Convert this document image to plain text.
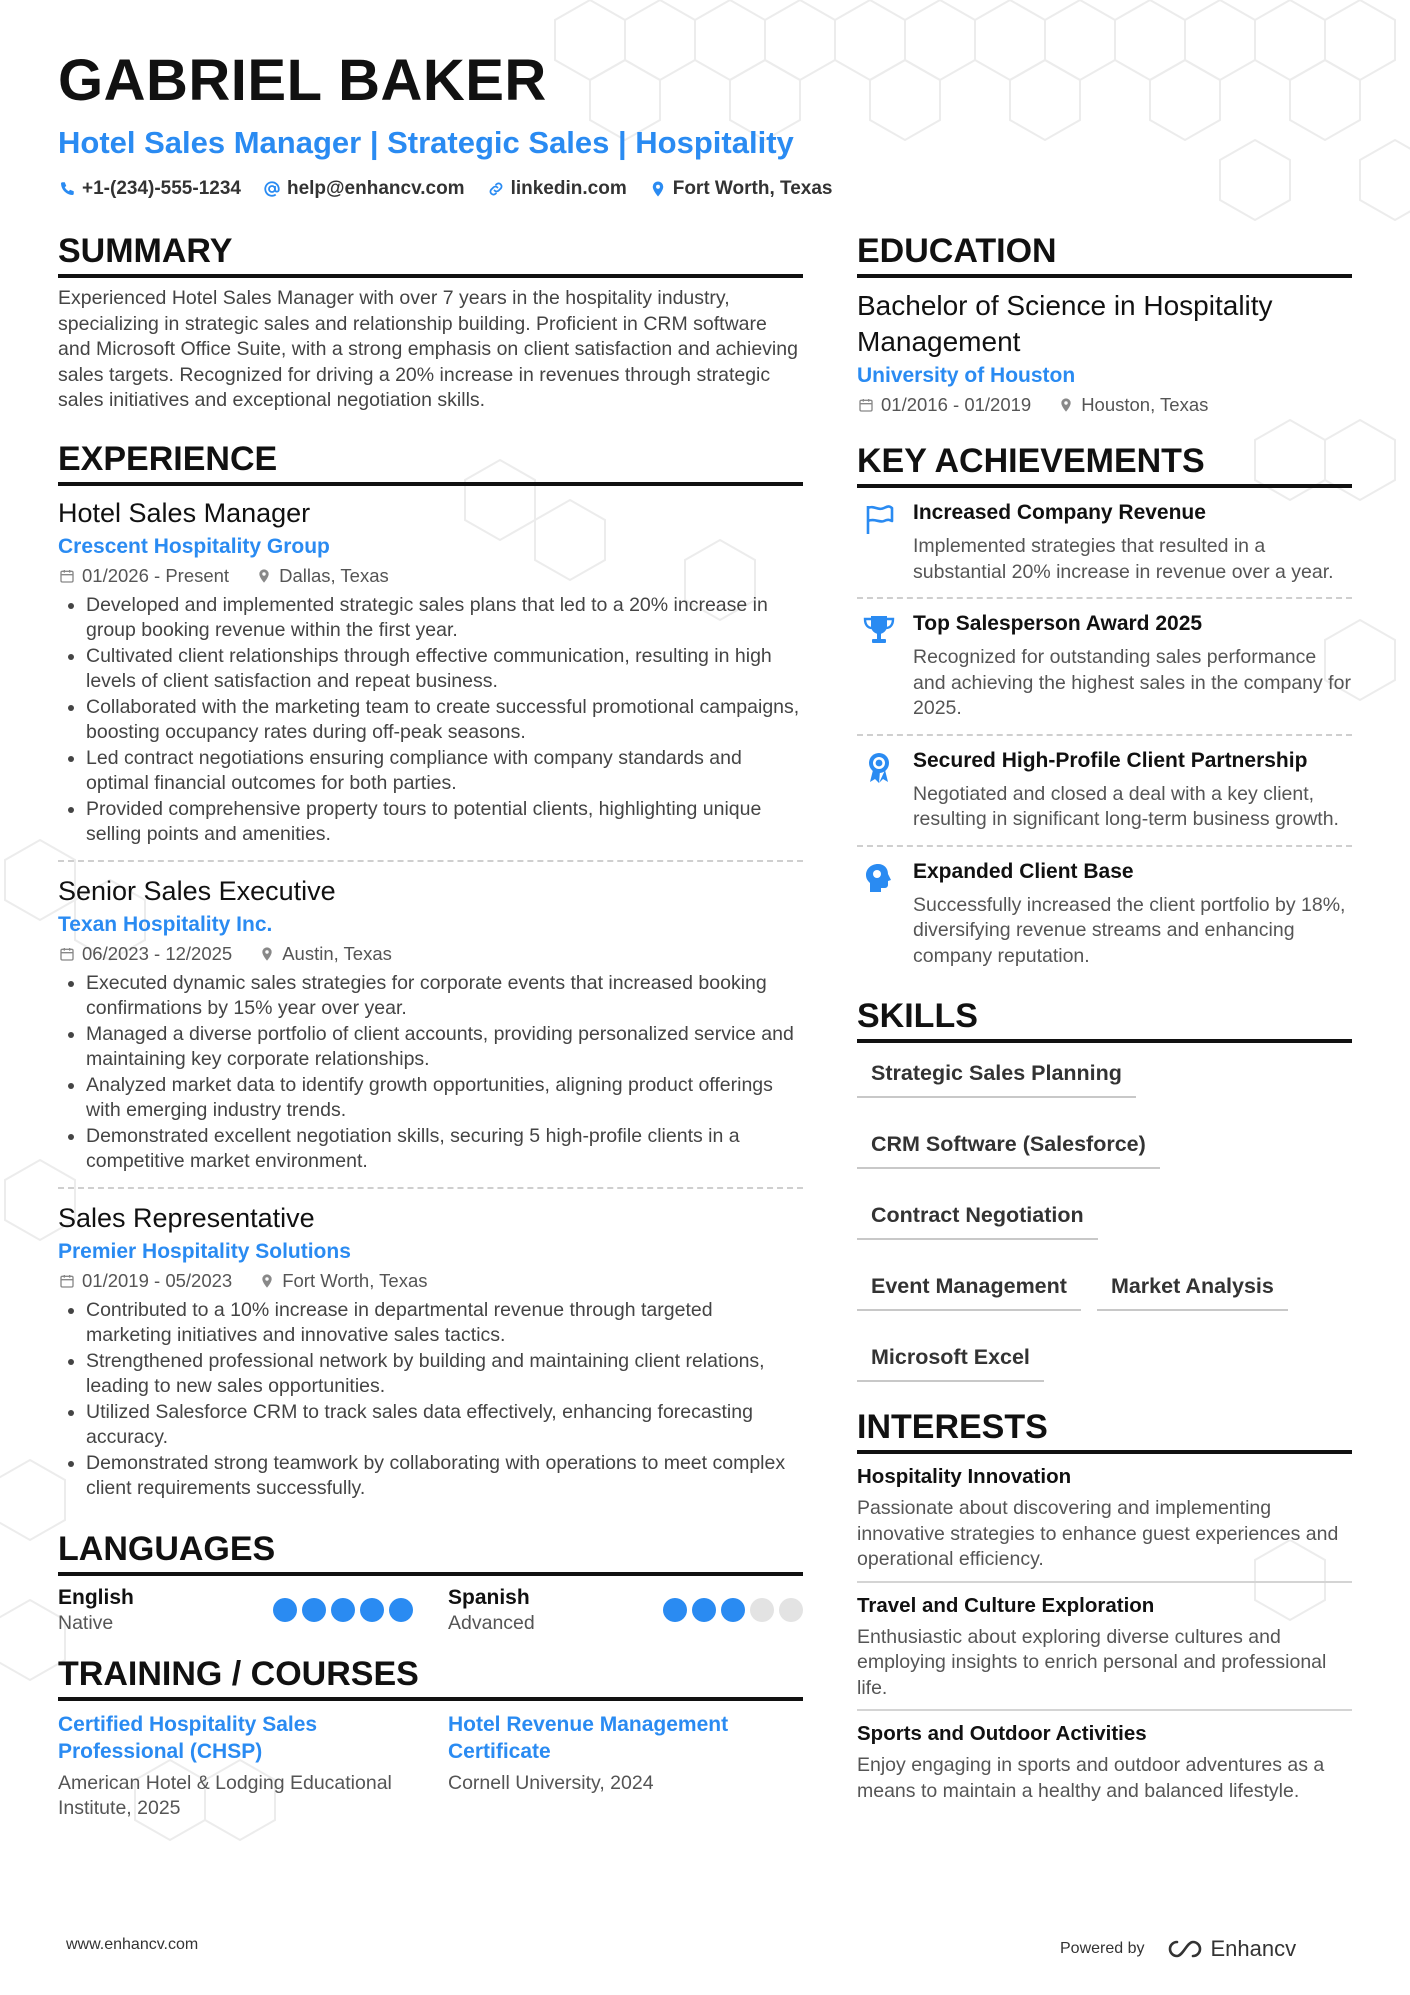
GABRIEL BAKER
Hotel Sales Manager | Strategic Sales | Hospitality
+1-(234)-555-1234 help@enhancv.com linkedin.com Fort Worth, Texas
SUMMARY
Experienced Hotel Sales Manager with over 7 years in the hospitality industry, specializing in strategic sales and relationship building. Proficient in CRM software and Microsoft Office Suite, with a strong emphasis on client satisfaction and achieving sales targets. Recognized for driving a 20% increase in revenues through strategic sales initiatives and exceptional negotiation skills.
EXPERIENCE
Hotel Sales Manager
Crescent Hospitality Group
01/2026 - Present	Dallas, Texas
• Developed and implemented strategic sales plans that led to a 20% increase in group booking revenue within the first year.
• Cultivated client relationships through effective communication, resulting in high levels of client satisfaction and repeat business.
• Collaborated with the marketing team to create successful promotional campaigns, boosting occupancy rates during off-peak seasons.
• Led contract negotiations ensuring compliance with company standards and optimal financial outcomes for both parties.
• Provided comprehensive property tours to potential clients, highlighting unique selling points and amenities.
Senior Sales Executive
Texan Hospitality Inc.
06/2023 - 12/2025	Austin, Texas
• Executed dynamic sales strategies for corporate events that increased booking confirmations by 15% year over year.
• Managed a diverse portfolio of client accounts, providing personalized service and maintaining key corporate relationships.
• Analyzed market data to identify growth opportunities, aligning product offerings with emerging industry trends.
• Demonstrated excellent negotiation skills, securing 5 high-profile clients in a competitive market environment.
Sales Representative
Premier Hospitality Solutions
01/2019 - 05/2023	Fort Worth, Texas
• Contributed to a 10% increase in departmental revenue through targeted marketing initiatives and innovative sales tactics.
• Strengthened professional network by building and maintaining client relations, leading to new sales opportunities.
• Utilized Salesforce CRM to track sales data effectively, enhancing forecasting accuracy.
• Demonstrated strong teamwork by collaborating with operations to meet complex client requirements successfully.
LANGUAGES
English
Native
Spanish
Advanced
TRAINING / COURSES
Certified Hospitality Sales Professional (CHSP)
American Hotel & Lodging Educational Institute, 2025
Hotel Revenue Management Certificate
Cornell University, 2024
EDUCATION
Bachelor of Science in Hospitality Management
University of Houston
01/2016 - 01/2019	Houston, Texas
KEY ACHIEVEMENTS
Increased Company Revenue
Implemented strategies that resulted in a substantial 20% increase in revenue over a year.
Top Salesperson Award 2025
Recognized for outstanding sales performance and achieving the highest sales in the company for 2025.
Secured High-Profile Client Partnership
Negotiated and closed a deal with a key client, resulting in significant long-term business growth.
Expanded Client Base
Successfully increased the client portfolio by 18%, diversifying revenue streams and enhancing company reputation.
SKILLS
Strategic Sales Planning
CRM Software (Salesforce)
Contract Negotiation
Event Management	Market Analysis
Microsoft Excel
INTERESTS
Hospitality Innovation
Passionate about discovering and implementing innovative strategies to enhance guest experiences and operational efficiency.
Travel and Culture Exploration
Enthusiastic about exploring diverse cultures and employing insights to enrich personal and professional life.
Sports and Outdoor Activities
Enjoy engaging in sports and outdoor adventures as a means to maintain a healthy and balanced lifestyle.
www.enhancv.com	Powered by	Enhancv
